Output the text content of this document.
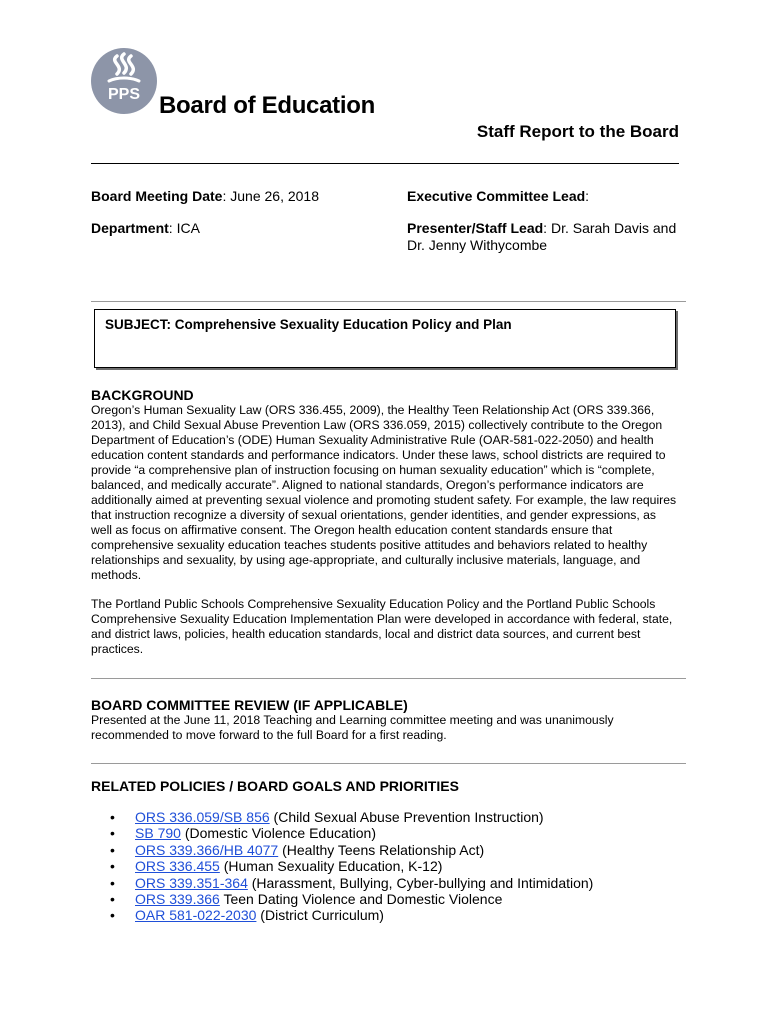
PPS Board of Education
Staff Report to the Board
Board Meeting Date: June 26, 2018
Department: ICA
Executive Committee Lead:
Presenter/Staff Lead: Dr. Sarah Davis and Dr. Jenny Withycombe
SUBJECT: Comprehensive Sexuality Education Policy and Plan
BACKGROUND
Oregon’s Human Sexuality Law (ORS 336.455, 2009), the Healthy Teen Relationship Act (ORS 339.366, 2013), and Child Sexual Abuse Prevention Law (ORS 336.059, 2015) collectively contribute to the Oregon Department of Education’s (ODE) Human Sexuality Administrative Rule (OAR-581-022-2050) and health education content standards and performance indicators. Under these laws, school districts are required to provide “a comprehensive plan of instruction focusing on human sexuality education” which is “complete, balanced, and medically accurate”. Aligned to national standards, Oregon’s performance indicators are additionally aimed at preventing sexual violence and promoting student safety. For example, the law requires that instruction recognize a diversity of sexual orientations, gender identities, and gender expressions, as well as focus on affirmative consent. The Oregon health education content standards ensure that comprehensive sexuality education teaches students positive attitudes and behaviors related to healthy relationships and sexuality, by using age-appropriate, and culturally inclusive materials, language, and methods.
The Portland Public Schools Comprehensive Sexuality Education Policy and the Portland Public Schools Comprehensive Sexuality Education Implementation Plan were developed in accordance with federal, state, and district laws, policies, health education standards, local and district data sources, and current best practices.
BOARD COMMITTEE REVIEW (IF APPLICABLE)
Presented at the June 11, 2018 Teaching and Learning committee meeting and was unanimously recommended to move forward to the full Board for a first reading.
RELATED POLICIES / BOARD GOALS AND PRIORITIES
• ORS 336.059/SB 856 (Child Sexual Abuse Prevention Instruction)
• SB 790 (Domestic Violence Education)
• ORS 339.366/HB 4077 (Healthy Teens Relationship Act)
• ORS 336.455 (Human Sexuality Education, K-12)
• ORS 339.351-364 (Harassment, Bullying, Cyber-bullying and Intimidation)
• ORS 339.366 Teen Dating Violence and Domestic Violence
• OAR 581-022-2030 (District Curriculum)
